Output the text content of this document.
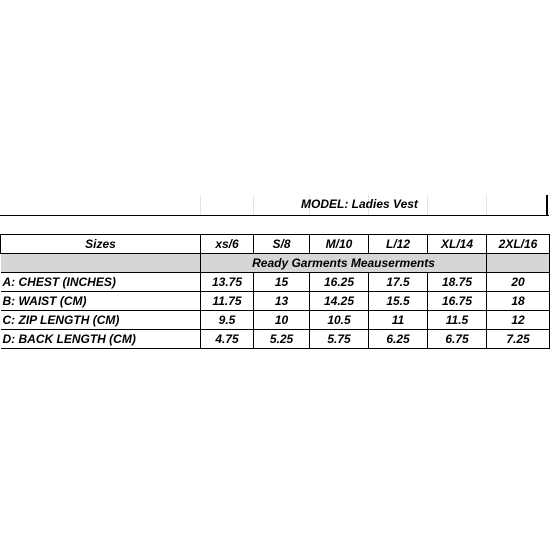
MODEL: Ladies Vest
Sizes	xs/6	S/8	M/10	L/12	XL/14	2XL/16
	Ready Garments Meauserments					
A: CHEST (INCHES)	13.75	15	16.25	17.5	18.75	20
B: WAIST (CM)	11.75	13	14.25	15.5	16.75	18
C: ZIP LENGTH (CM)	9.5	10	10.5	11	11.5	12
D: BACK LENGTH (CM)	4.75	5.25	5.75	6.25	6.75	7.25
